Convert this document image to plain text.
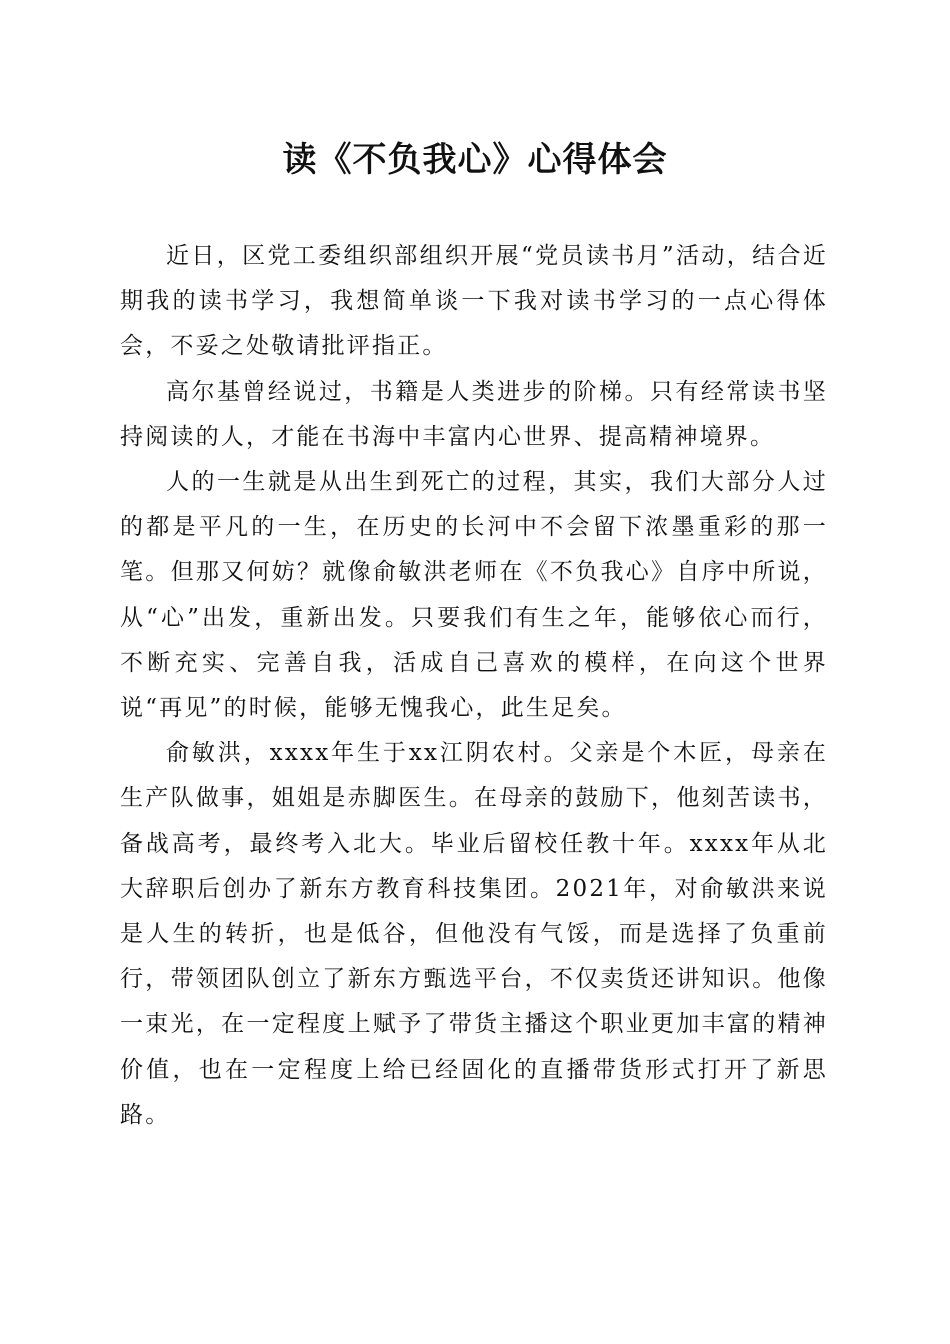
读《不负我心》心得体会

近日，区党工委组织部组织开展“党员读书月”活动，结合近期我的读书学习，我想简单谈一下我对读书学习的一点心得体会，不妥之处敬请批评指正。

高尔基曾经说过，书籍是人类进步的阶梯。只有经常读书坚持阅读的人，才能在书海中丰富内心世界、提高精神境界。

人的一生就是从出生到死亡的过程，其实，我们大部分人过的都是平凡的一生，在历史的长河中不会留下浓墨重彩的那一笔。但那又何妨？就像俞敏洪老师在《不负我心》自序中所说，从“心”出发，重新出发。只要我们有生之年，能够依心而行，不断充实、完善自我，活成自己喜欢的模样，在向这个世界说“再见”的时候，能够无愧我心，此生足矣。

俞敏洪，xxxx年生于xx江阴农村。父亲是个木匠，母亲在生产队做事，姐姐是赤脚医生。在母亲的鼓励下，他刻苦读书，备战高考，最终考入北大。毕业后留校任教十年。xxxx年从北大辞职后创办了新东方教育科技集团。2021年，对俞敏洪来说是人生的转折，也是低谷，但他没有气馁，而是选择了负重前行，带领团队创立了新东方甄选平台，不仅卖货还讲知识。他像一束光，在一定程度上赋予了带货主播这个职业更加丰富的精神价值，也在一定程度上给已经固化的直播带货形式打开了新思路。
